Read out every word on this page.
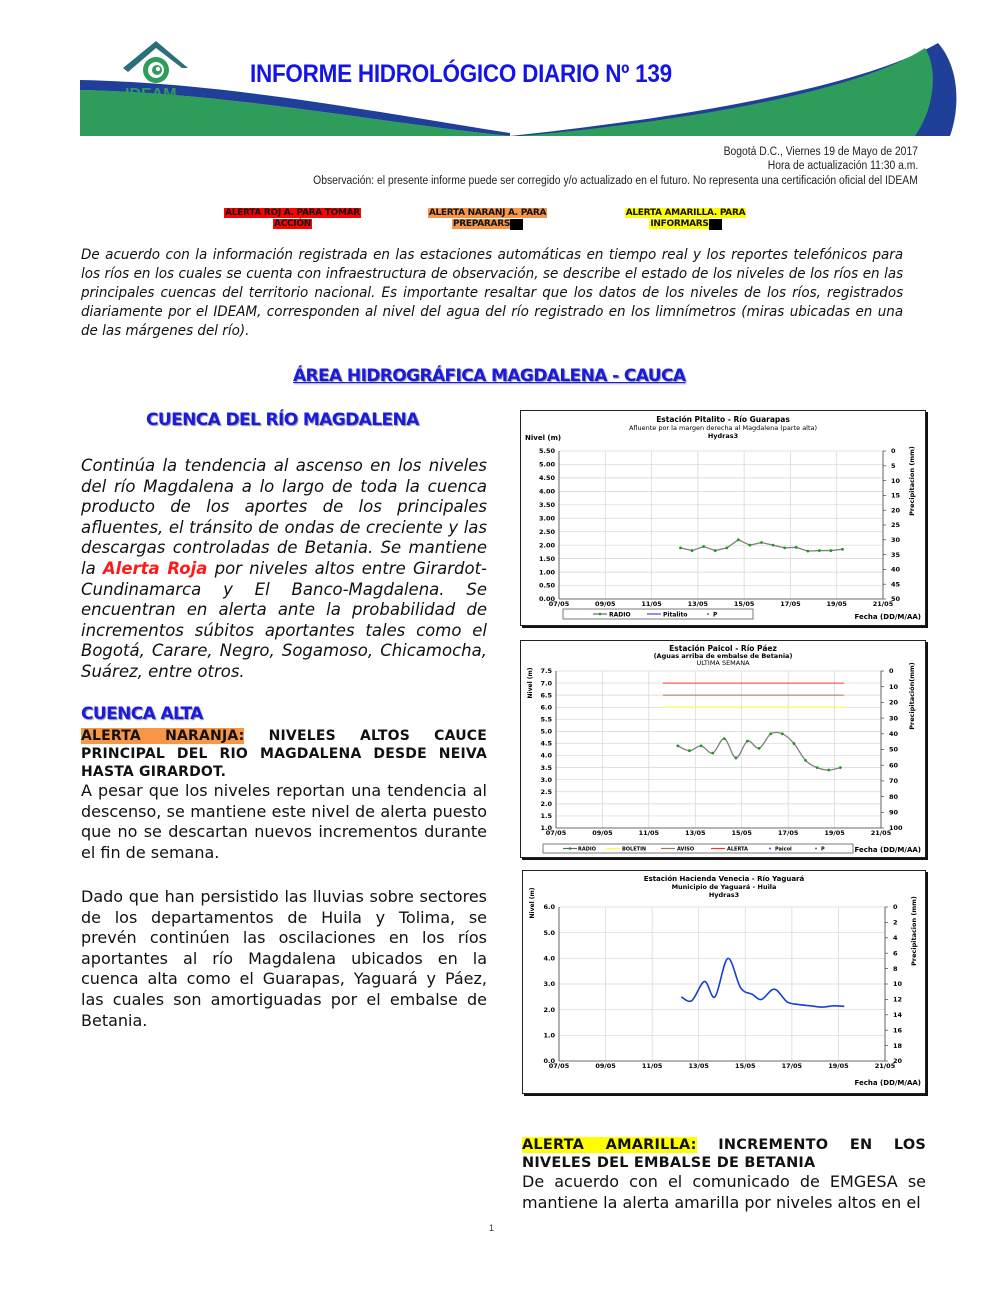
IDEAM
INFORME HIDROLÓGICO DIARIO Nº 139
Bogotá D.C., Viernes 19 de Mayo de 2017
Hora de actualización 11:30 a.m.
Observación: el presente informe puede ser corregido y/o actualizado en el futuro. No representa una certificación oficial del IDEAM
ALERTA ROJ A. PARA TOMAR
ACCIÓN
ALERTA NARANJ A. PARA
PREPARARS
ALERTA AMARILLA. PARA
INFORMARS
De acuerdo con la información registrada en las estaciones automáticas en tiempo real y los reportes telefónicos para los ríos en los cuales se cuenta con infraestructura de observación, se describe el estado de los niveles de los ríos en las principales cuencas del territorio nacional. Es importante resaltar que los datos de los niveles de los ríos, registrados diariamente por el IDEAM, corresponden al nivel del agua del río registrado en los limnímetros (miras ubicadas en una de las márgenes del río).
ÁREA HIDROGRÁFICA MAGDALENA - CAUCA
CUENCA DEL RÍO MAGDALENA
Continúa la tendencia al ascenso en los niveles del río Magdalena a lo largo de toda la cuenca producto de los aportes de los principales afluentes, el tránsito de ondas de creciente y las descargas controladas de Betania. Se mantiene la Alerta Roja por niveles altos entre Girardot-Cundinamarca y El Banco-Magdalena. Se encuentran en alerta ante la probabilidad de incrementos súbitos aportantes tales como el Bogotá, Carare, Negro, Sogamoso, Chicamocha, Suárez, entre otros.
CUENCA ALTA
ALERTA NARANJA: NIVELES ALTOS CAUCE PRINCIPAL DEL RIO MAGDALENA DESDE NEIVA HASTA GIRARDOT.
A pesar que los niveles reportan una tendencia al descenso, se mantiene este nivel de alerta puesto que no se descartan nuevos incrementos durante el fin de semana.
Dado que han persistido las lluvias sobre sectores de los departamentos de Huila y Tolima, se prevén continúen las oscilaciones en los ríos aportantes al río Magdalena ubicados en la cuenca alta como el Guarapas, Yaguará y Páez, las cuales son amortiguadas por el embalse de Betania.
Estación Pitalito - Río Guarapas
Afluente por la margen derecha al Magdalena (parte alta)
Hydras3
Nivel (m)
Precipitacion (mm)
07/05	09/05	11/05	13/05	15/05	17/05	19/05	21/05
0.00
0.50
1.00
1.50
2.00
2.50
3.00
3.50
4.00
4.50
5.00
5.50	0
5
10
15
20
25
30
35
40
45
50
RADIO	Pitalito	P	Fecha (DD/M/AA)
Estación Paicol - Río Páez
(Aguas arriba de embalse de Betania)
ULTIMA SEMANA
Nivel (m)	Precipitación(mm)
07/05	09/05	11/05	13/05	15/05	17/05	19/05	21/05
1.0
1.5
2.0
2.5
3.0
3.5
4.0
4.5
5.0
5.5
6.0
6.5
7.0
7.5	0
10
20
30
40
50
60
70
80
90
100
RADIO	BOLETIN	AVISO	ALERTA	Paicol	P	Fecha (DD/M/AA)
Estación Hacienda Venecia - Río Yaguará
Municipio de Yaguará - Huila
Hydras3
Nivel (m)	Precipitacion (mm)
07/05	09/05	11/05	13/05	15/05	17/05	19/05	21/05
0.0
1.0
2.0
3.0
4.0
5.0
6.0	0
2
4
6
8
10
12
14
16
18
20
Fecha (DD/M/AA)
ALERTA AMARILLA: INCREMENTO EN LOS NIVELES DEL EMBALSE DE BETANIA
De acuerdo con el comunicado de EMGESA se mantiene la alerta amarilla por niveles altos en el
1
